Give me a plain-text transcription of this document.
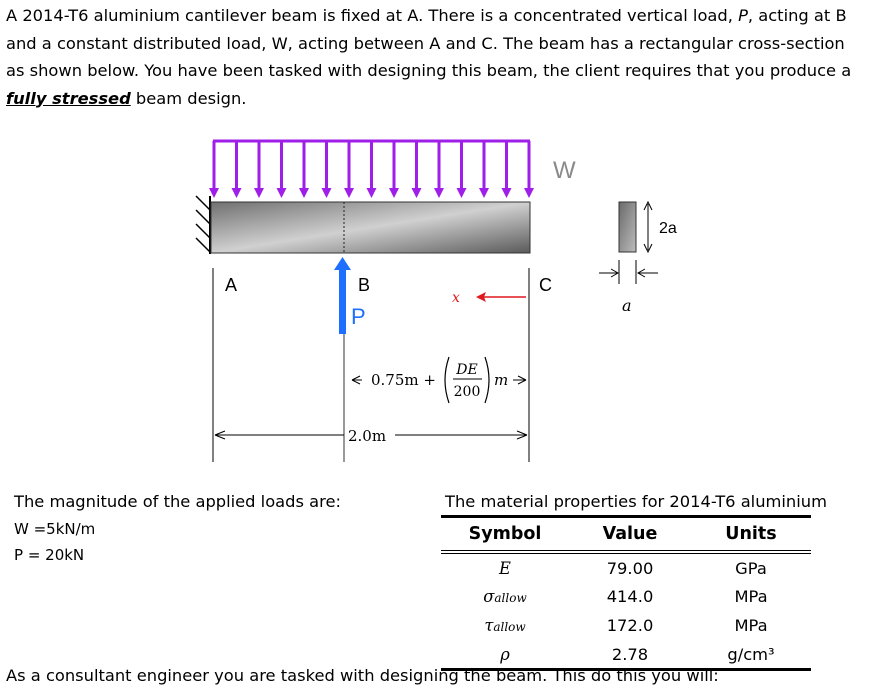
A 2014-T6 aluminium cantilever beam is fixed at A. There is a concentrated vertical load, P, acting at B and a constant distributed load, W, acting between A and C. The beam has a rectangular cross-section as shown below. You have been tasked with designing this beam, the client requires that you produce a fully stressed beam design.
W
A	B	C
P
x
0.75m +
DE
200
m
2.0m
2a
a
The magnitude of the applied loads are:
W =5kN/m
P = 20kN
The material properties for 2014-T6 aluminium
Symbol	Value	Units
E	79.00	GPa
σallow	414.0	MPa
τallow	172.0	MPa
ρ	2.78	g/cm³
As a consultant engineer you are tasked with designing the beam. This do this you will:
